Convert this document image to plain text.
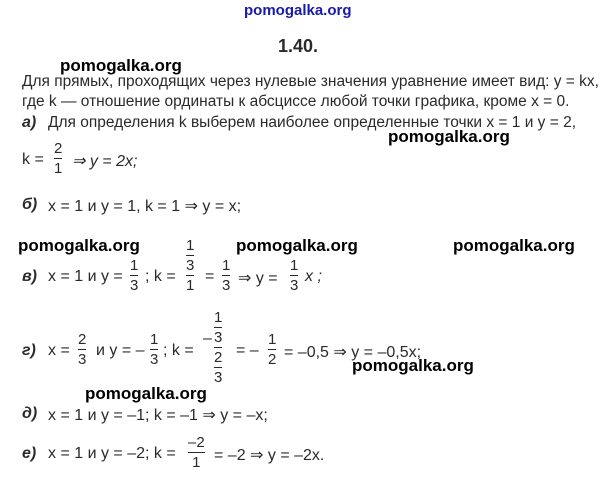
pomogalka.org
pomogalka.org
pomogalka.org
pomogalka.org	pomogalka.org	pomogalka.org
pomogalka.org
pomogalka.org
1.40.
Для прямых, проходящих через нулевые значения уравнение имеет вид: y = kx,
где k — отношение ординаты к абсциссе любой точки графика, кроме x = 0.
а) Для определения k выберем наиболее определенные точки x = 1 и y = 2,
k =
2
1 ⇒ y = 2x;
б) x = 1 и y = 1, k = 1 ⇒ y = x;
в) x = 1 и y =
1
3
; k =
1
3
1
=
1
3 ⇒ y =
1
3
x ;
г) x =
2
3
и y = –
1
3
; k =
–
1
3
2
3
= –
1
2 = –0,5 ⇒ y = –0,5x;
д) x = 1 и y = –1; k = –1 ⇒ y = –x;
е) x = 1 и y = –2; k =
–2
1 = –2 ⇒ y = –2x.
